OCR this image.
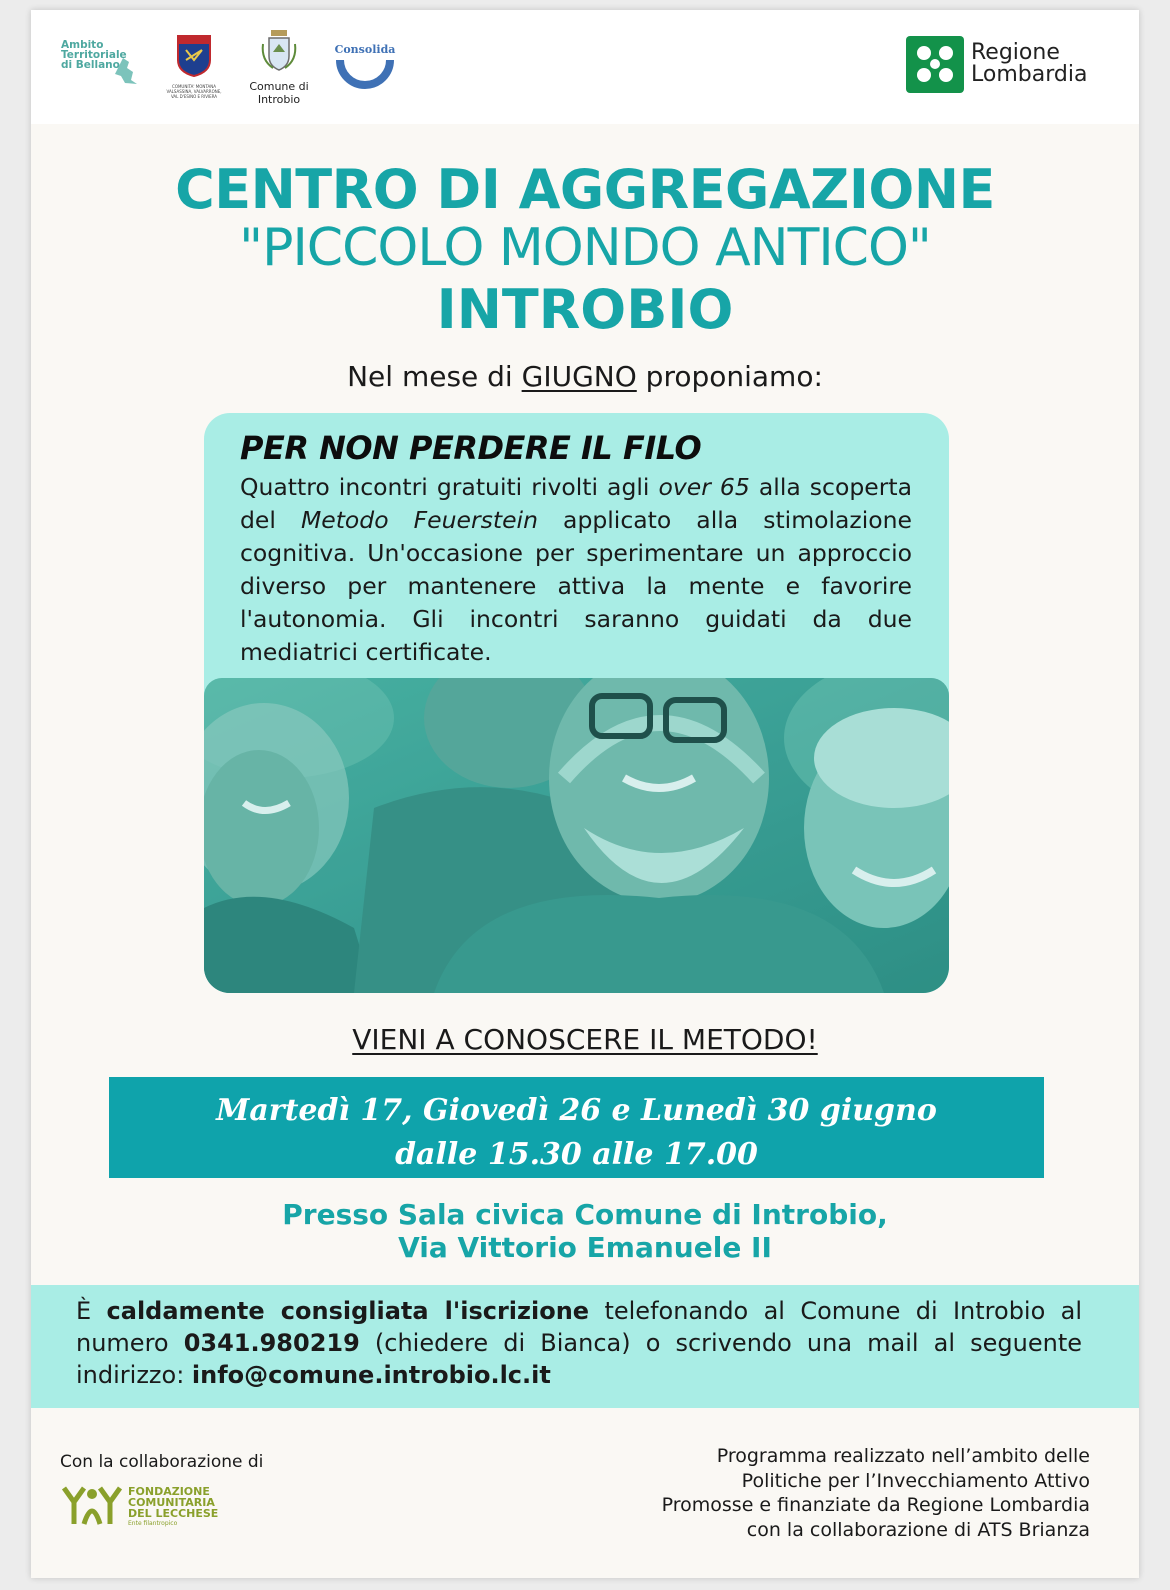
Ambito
Territoriale
di Bellano
COMUNITA' MONTANA VALSASSINA, VALVARRONE, VAL D'ESINO E RIVIERA
Comune di
Introbio
Consolida	Regione
Lombardia
CENTRO DI AGGREGAZIONE
"PICCOLO MONDO ANTICO"
INTROBIO
Nel mese di GIUGNO proponiamo:
PER NON PERDERE IL FILO
Quattro incontri gratuiti rivolti agli over 65 alla scoperta del Metodo Feuerstein applicato alla stimolazione cognitiva. Un'occasione per sperimentare un approccio diverso per mantenere attiva la mente e favorire l'autonomia. Gli incontri saranno guidati da due mediatrici certificate.
VIENI A CONOSCERE IL METODO!
Martedì 17, Giovedì 26 e Lunedì 30 giugno
dalle 15.30 alle 17.00
Presso Sala civica Comune di Introbio,
Via Vittorio Emanuele II

È caldamente consigliata l'iscrizione telefonando al Comune di Introbio al numero 0341.980219 (chiedere di Bianca) o scrivendo una mail al seguente indirizzo: info@comune.introbio.lc.it

Con la collaborazione di
FONDAZIONE
COMUNITARIA
DEL LECCHESE
Ente filantropico
Programma realizzato nell’ambito delle
Politiche per l’Invecchiamento Attivo
Promosse e finanziate da Regione Lombardia
con la collaborazione di ATS Brianza
